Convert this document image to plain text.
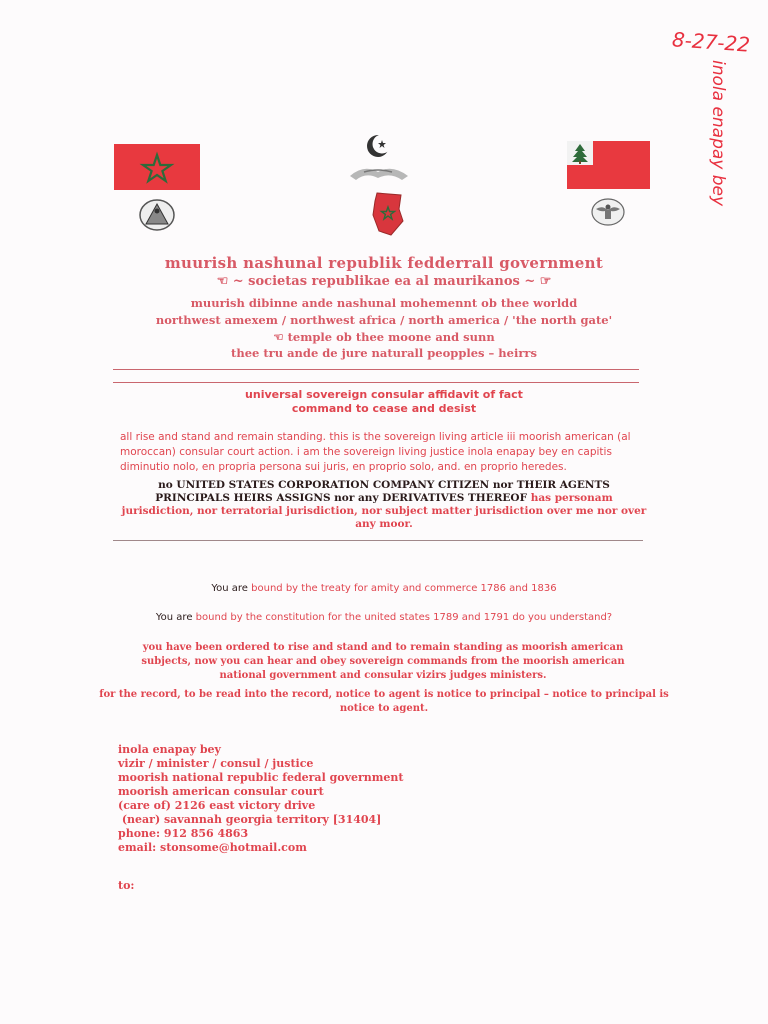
8-27-22
inola enapay bey
muurish nashunal republik fedderrall government
☜ ~ societas republikae ea al maurikanos ~ ☞
muurish dibinne ande nashunal mohemennt ob thee worldd
northwest amexem / northwest africa / north america / 'the north gate'
☜ temple ob thee moone and sunn
thee tru ande de jure naturall peopples – heirrs
universal sovereign consular affidavit of fact
command to cease and desist
all rise and stand and remain standing. this is the sovereign living article iii moorish american (al moroccan) consular court action. i am the sovereign living justice inola enapay bey en capitis diminutio nolo, en propria persona sui juris, en proprio solo, and. en proprio heredes.
no UNITED STATES CORPORATION COMPANY CITIZEN nor THEIR AGENTS PRINCIPALS HEIRS ASSIGNS nor any DERIVATIVES THEREOF has personam jurisdiction, nor terratorial jurisdiction, nor subject matter jurisdiction over me nor over any moor.
You are bound by the treaty for amity and commerce 1786 and 1836
You are bound by the constitution for the united states 1789 and 1791 do you understand?
you have been ordered to rise and stand and to remain standing as moorish american subjects, now you can hear and obey sovereign commands from the moorish american national government and consular vizirs judges ministers.
for the record, to be read into the record, notice to agent is notice to principal – notice to principal is notice to agent.
inola enapay bey
vizir / minister / consul / justice
moorish national republic federal government
moorish american consular court
(care of) 2126 east victory drive
(near) savannah georgia territory [31404]
phone: 912 856 4863
email: stonsome@hotmail.com
to:
